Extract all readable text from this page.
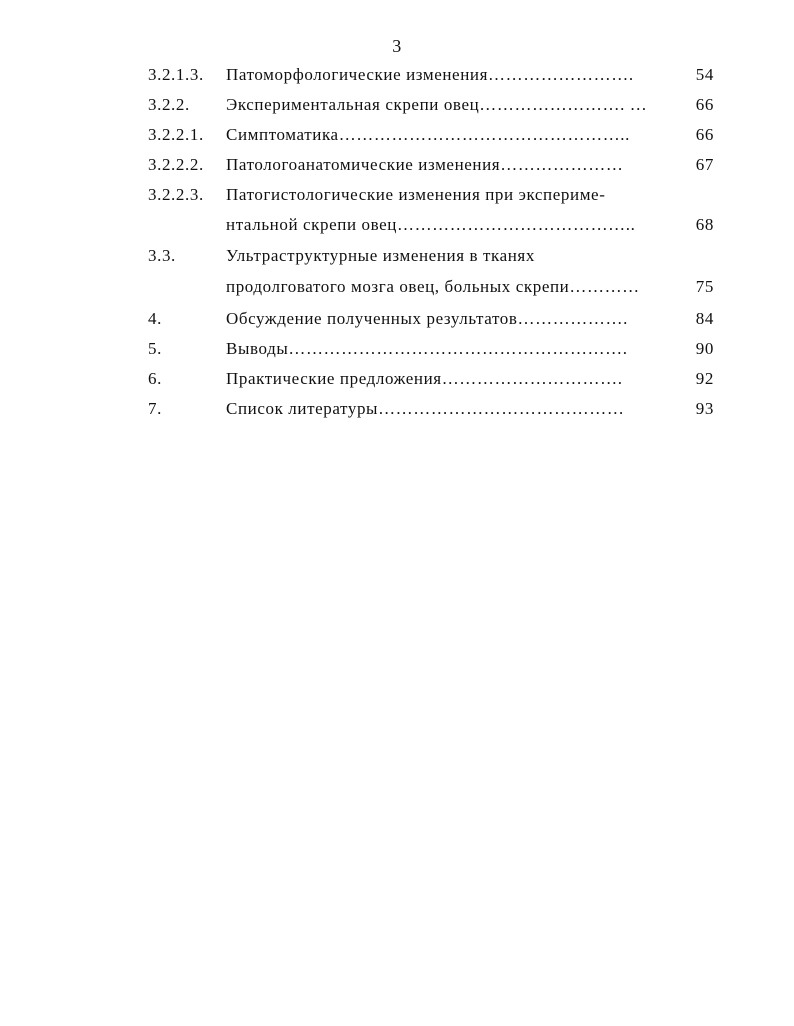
3
3.2.1.3. Патоморфологические изменения…………………….	54
3.2.2. Экспериментальная скрепи овец……………………. …	66
3.2.2.1. Симптоматика…………………………………………..	66
3.2.2.2. Патологоанатомические изменения…………………	67
3.2.2.3. Патогистологические изменения при экспериме-
нтальной скрепи овец…………………………………..	68
3.3.	Ультраструктурные изменения в тканях
продолговатого мозга овец, больных скрепи…………	75
4.	Обсуждение полученных результатов……………….	84
5.	Выводы………………………………………………….	90
6.	Практические предложения………………………….	92
7.	Список литературы……………………………………	93
